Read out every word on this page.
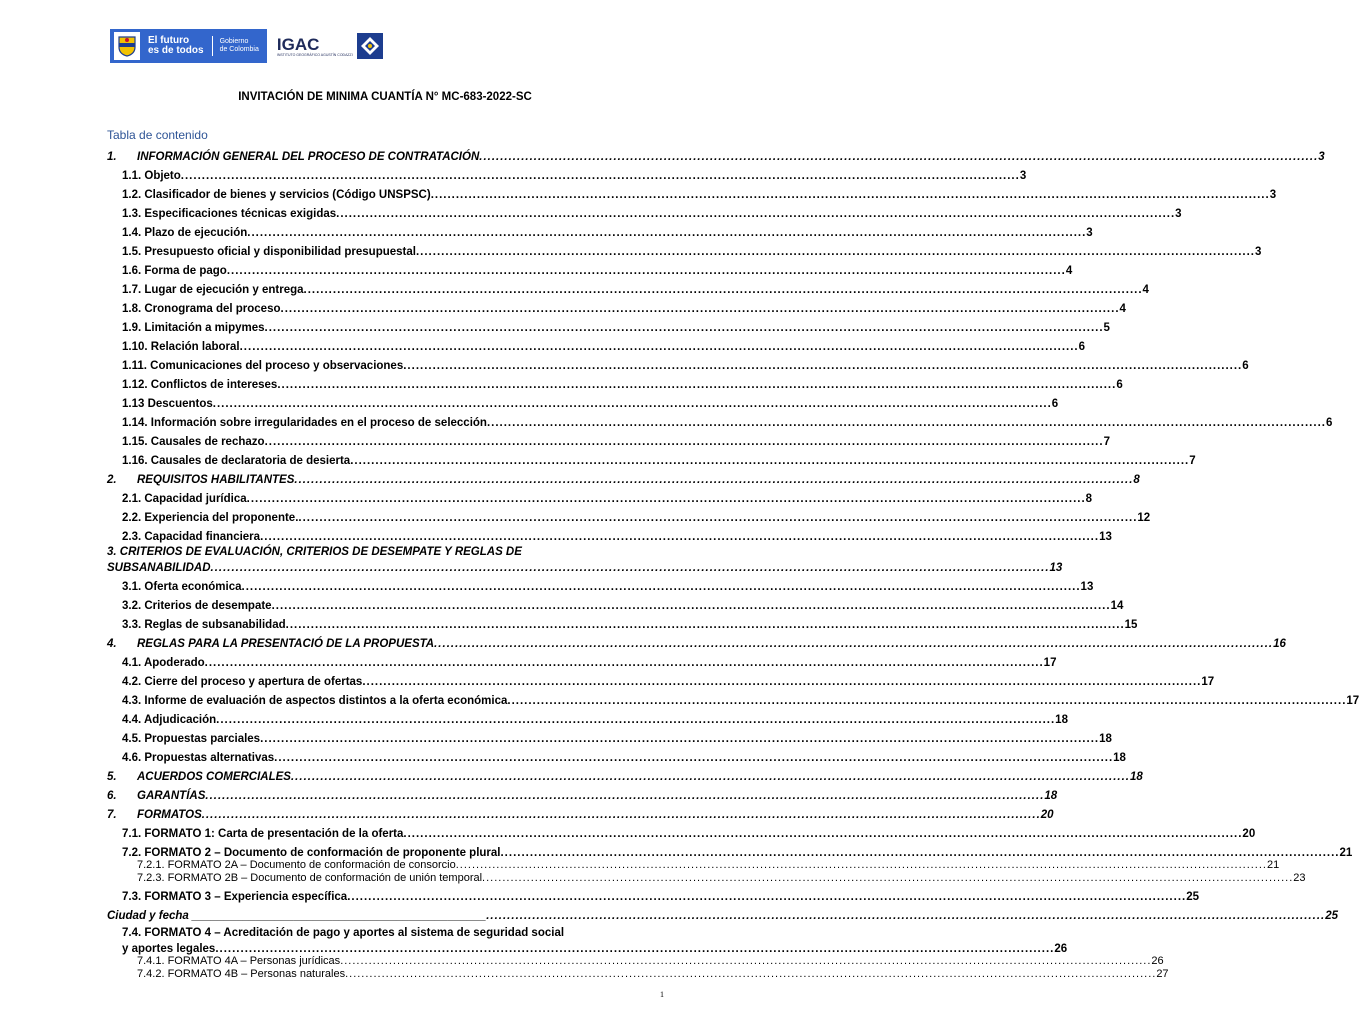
El futuro
es de todos
Gobierno
de Colombia IGAC
INSTITUTO GEOGRÁFICO AGUSTÍN CODAZZI
INVITACIÓN DE MINIMA CUANTÍA N° MC-683-2022-SC
Tabla de contenido
1. INFORMACIÓN GENERAL DEL PROCESO DE CONTRATACIÓN ........................................................................................................................................................................................................ 3
1.1. Objeto ........................................................................................................................................................................................................ 3
1.2. Clasificador de bienes y servicios (Código UNSPSC) ........................................................................................................................................................................................................ 3
1.3. Especificaciones técnicas exigidas ........................................................................................................................................................................................................ 3
1.4. Plazo de ejecución ........................................................................................................................................................................................................ 3
1.5. Presupuesto oficial y disponibilidad presupuestal ........................................................................................................................................................................................................ 3
1.6. Forma de pago ........................................................................................................................................................................................................ 4
1.7. Lugar de ejecución y entrega ........................................................................................................................................................................................................ 4
1.8. Cronograma del proceso ........................................................................................................................................................................................................ 4
1.9. Limitación a mipymes ........................................................................................................................................................................................................ 5
1.10. Relación laboral ........................................................................................................................................................................................................ 6
1.11. Comunicaciones del proceso y observaciones ........................................................................................................................................................................................................ 6
1.12. Conflictos de intereses ........................................................................................................................................................................................................ 6
1.13 Descuentos ........................................................................................................................................................................................................ 6
1.14. Información sobre irregularidades en el proceso de selección ........................................................................................................................................................................................................ 6
1.15. Causales de rechazo ........................................................................................................................................................................................................ 7
1.16. Causales de declaratoria de desierta ........................................................................................................................................................................................................ 7
2. REQUISITOS HABILITANTES ........................................................................................................................................................................................................ 8
2.1. Capacidad jurídica ........................................................................................................................................................................................................ 8
2.2. Experiencia del proponente. ........................................................................................................................................................................................................ 12
2.3. Capacidad financiera ........................................................................................................................................................................................................ 13
3. CRITERIOS DE EVALUACIÓN, CRITERIOS DE DESEMPATE Y REGLAS DE
SUBSANABILIDAD ........................................................................................................................................................................................................ 13
3.1. Oferta económica ........................................................................................................................................................................................................ 13
3.2. Criterios de desempate ........................................................................................................................................................................................................ 14
3.3. Reglas de subsanabilidad ........................................................................................................................................................................................................ 15
4. REGLAS PARA LA PRESENTACIÓ DE LA PROPUESTA ........................................................................................................................................................................................................ 16
4.1. Apoderado ........................................................................................................................................................................................................ 17
4.2. Cierre del proceso y apertura de ofertas ........................................................................................................................................................................................................ 17
4.3. Informe de evaluación de aspectos distintos a la oferta económica ........................................................................................................................................................................................................ 17
4.4. Adjudicación ........................................................................................................................................................................................................ 18
4.5. Propuestas parciales ........................................................................................................................................................................................................ 18
4.6. Propuestas alternativas ........................................................................................................................................................................................................ 18
5. ACUERDOS COMERCIALES ........................................................................................................................................................................................................ 18
6. GARANTÍAS ........................................................................................................................................................................................................ 18
7. FORMATOS ........................................................................................................................................................................................................ 20
7.1. FORMATO 1: Carta de presentación de la oferta ........................................................................................................................................................................................................ 20
7.2. FORMATO 2 – Documento de conformación de proponente plural ........................................................................................................................................................................................................ 21
7.2.1. FORMATO 2A – Documento de conformación de consorcio ........................................................................................................................................................................................................ 21
7.2.3. FORMATO 2B – Documento de conformación de unión temporal ........................................................................................................................................................................................................ 23
7.3. FORMATO 3 – Experiencia específica ........................................................................................................................................................................................................ 25
Ciudad y fecha ______________________________________________ ........................................................................................................................................................................................................ 25
7.4. FORMATO 4 – Acreditación de pago y aportes al sistema de seguridad social
y aportes legales ........................................................................................................................................................................................................ 26
7.4.1. FORMATO 4A – Personas jurídicas ........................................................................................................................................................................................................ 26
7.4.2. FORMATO 4B – Personas naturales ........................................................................................................................................................................................................ 27
1
